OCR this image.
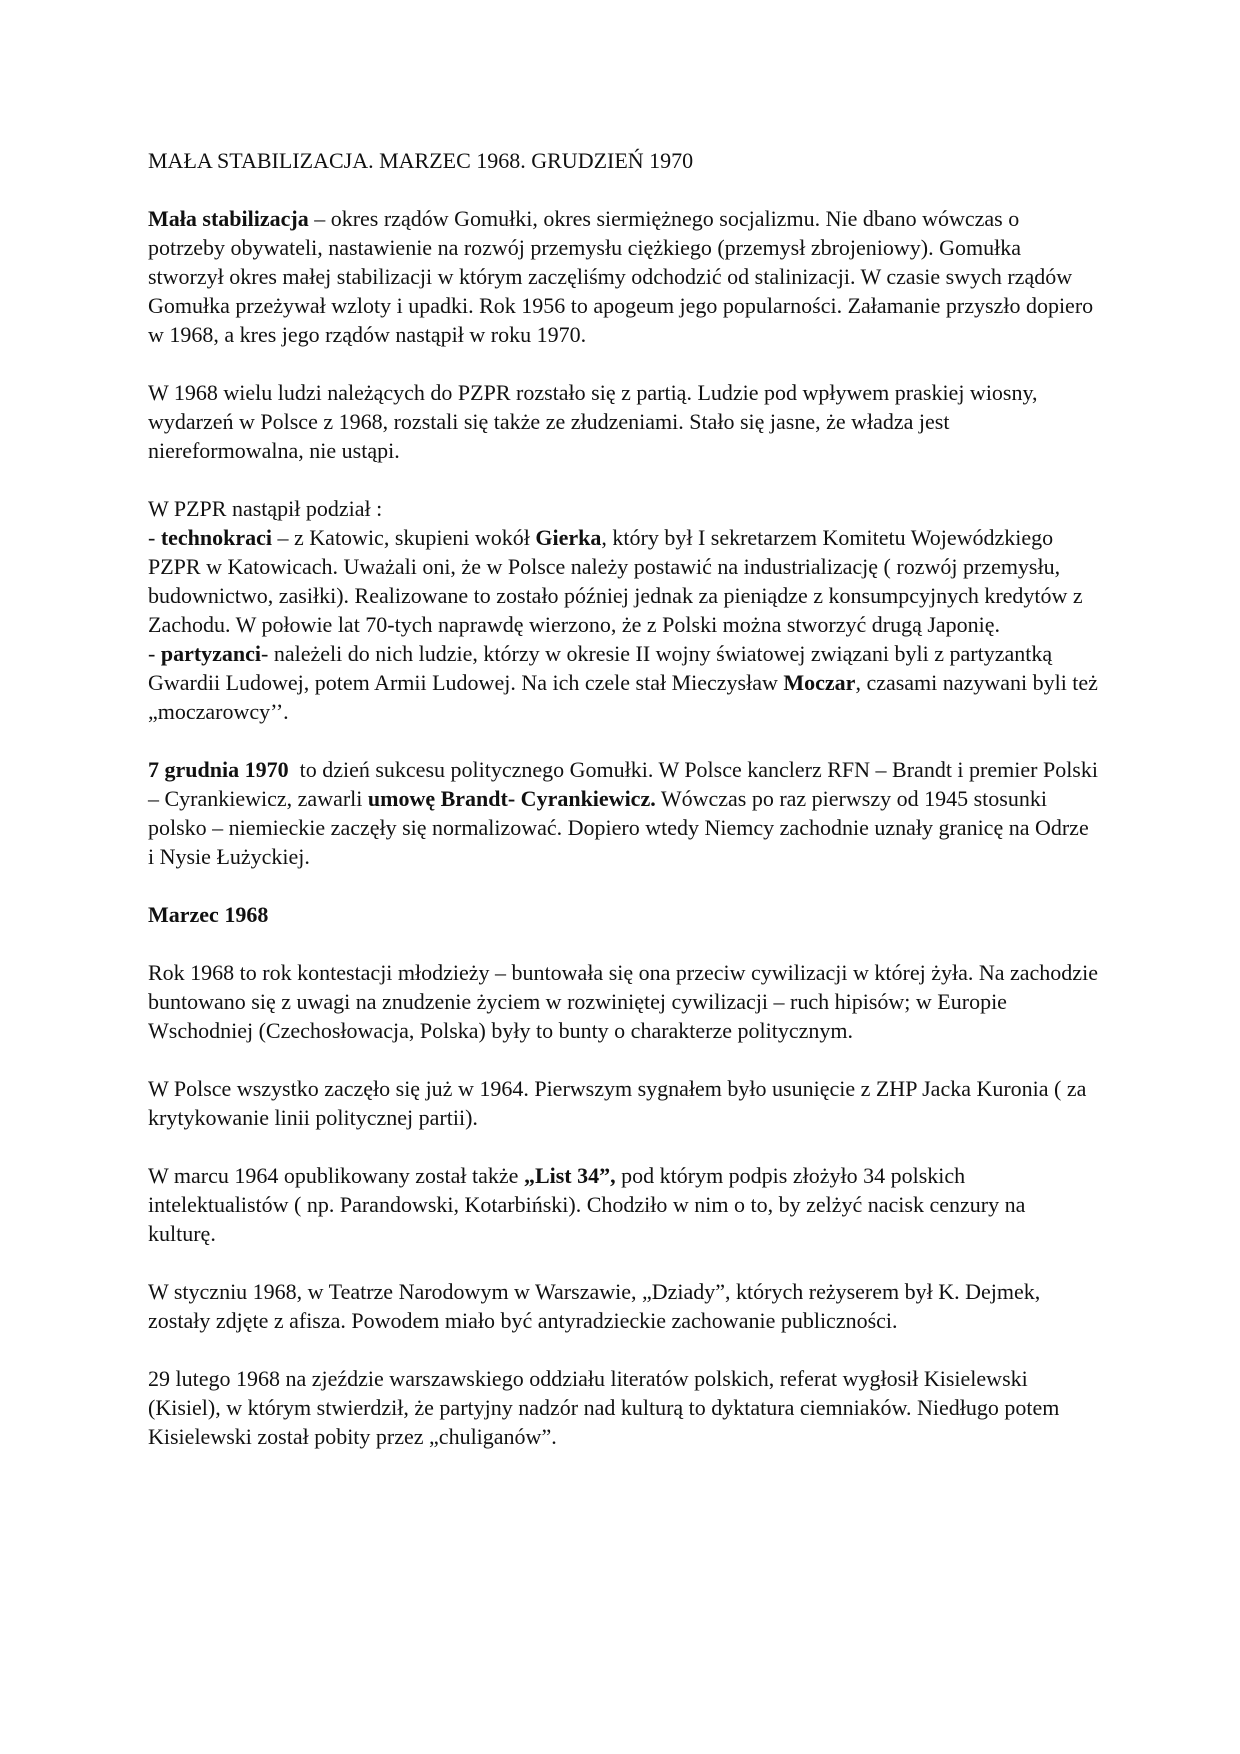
MAŁA STABILIZACJA. MARZEC 1968. GRUDZIEŃ 1970

Mała stabilizacja – okres rządów Gomułki, okres siermiężnego socjalizmu. Nie dbano wówczas o potrzeby obywateli, nastawienie na rozwój przemysłu ciężkiego (przemysł zbrojeniowy). Gomułka stworzył okres małej stabilizacji w którym zaczęliśmy odchodzić od stalinizacji. W czasie swych rządów Gomułka przeżywał wzloty i upadki. Rok 1956 to apogeum jego popularności. Załamanie przyszło dopiero w 1968, a kres jego rządów nastąpił w roku 1970.

W 1968 wielu ludzi należących do PZPR rozstało się z partią. Ludzie pod wpływem praskiej wiosny, wydarzeń w Polsce z 1968, rozstali się także ze złudzeniami. Stało się jasne, że władza jest niereformowalna, nie ustąpi.

W PZPR nastąpił podział :

- technokraci – z Katowic, skupieni wokół Gierka, który był I sekretarzem Komitetu Wojewódzkiego PZPR w Katowicach. Uważali oni, że w Polsce należy postawić na industrializację ( rozwój przemysłu, budownictwo, zasiłki). Realizowane to zostało później jednak za pieniądze z konsumpcyjnych kredytów z Zachodu. W połowie lat 70-tych naprawdę wierzono, że z Polski można stworzyć drugą Japonię.

- partyzanci- należeli do nich ludzie, którzy w okresie II wojny światowej związani byli z partyzantką Gwardii Ludowej, potem Armii Ludowej. Na ich czele stał Mieczysław Moczar, czasami nazywani byli też „moczarowcy’’.

7 grudnia 1970  to dzień sukcesu politycznego Gomułki. W Polsce kanclerz RFN – Brandt i premier Polski – Cyrankiewicz, zawarli umowę Brandt- Cyrankiewicz. Wówczas po raz pierwszy od 1945 stosunki polsko – niemieckie zaczęły się normalizować. Dopiero wtedy Niemcy zachodnie uznały granicę na Odrze i Nysie Łużyckiej.

Marzec 1968

Rok 1968 to rok kontestacji młodzieży – buntowała się ona przeciw cywilizacji w której żyła. Na zachodzie buntowano się z uwagi na znudzenie życiem w rozwiniętej cywilizacji – ruch hipisów; w Europie Wschodniej (Czechosłowacja, Polska) były to bunty o charakterze politycznym.

W Polsce wszystko zaczęło się już w 1964. Pierwszym sygnałem było usunięcie z ZHP Jacka Kuronia ( za krytykowanie linii politycznej partii).

W marcu 1964 opublikowany został także „List 34”, pod którym podpis złożyło 34 polskich intelektualistów ( np. Parandowski, Kotarbiński). Chodziło w nim o to, by zelżyć nacisk cenzury na kulturę.

W styczniu 1968, w Teatrze Narodowym w Warszawie, „Dziady”, których reżyserem był K. Dejmek, zostały zdjęte z afisza. Powodem miało być antyradzieckie zachowanie publiczności.

29 lutego 1968 na zjeździe warszawskiego oddziału literatów polskich, referat wygłosił Kisielewski (Kisiel), w którym stwierdził, że partyjny nadzór nad kulturą to dyktatura ciemniaków. Niedługo potem Kisielewski został pobity przez „chuliganów”.
